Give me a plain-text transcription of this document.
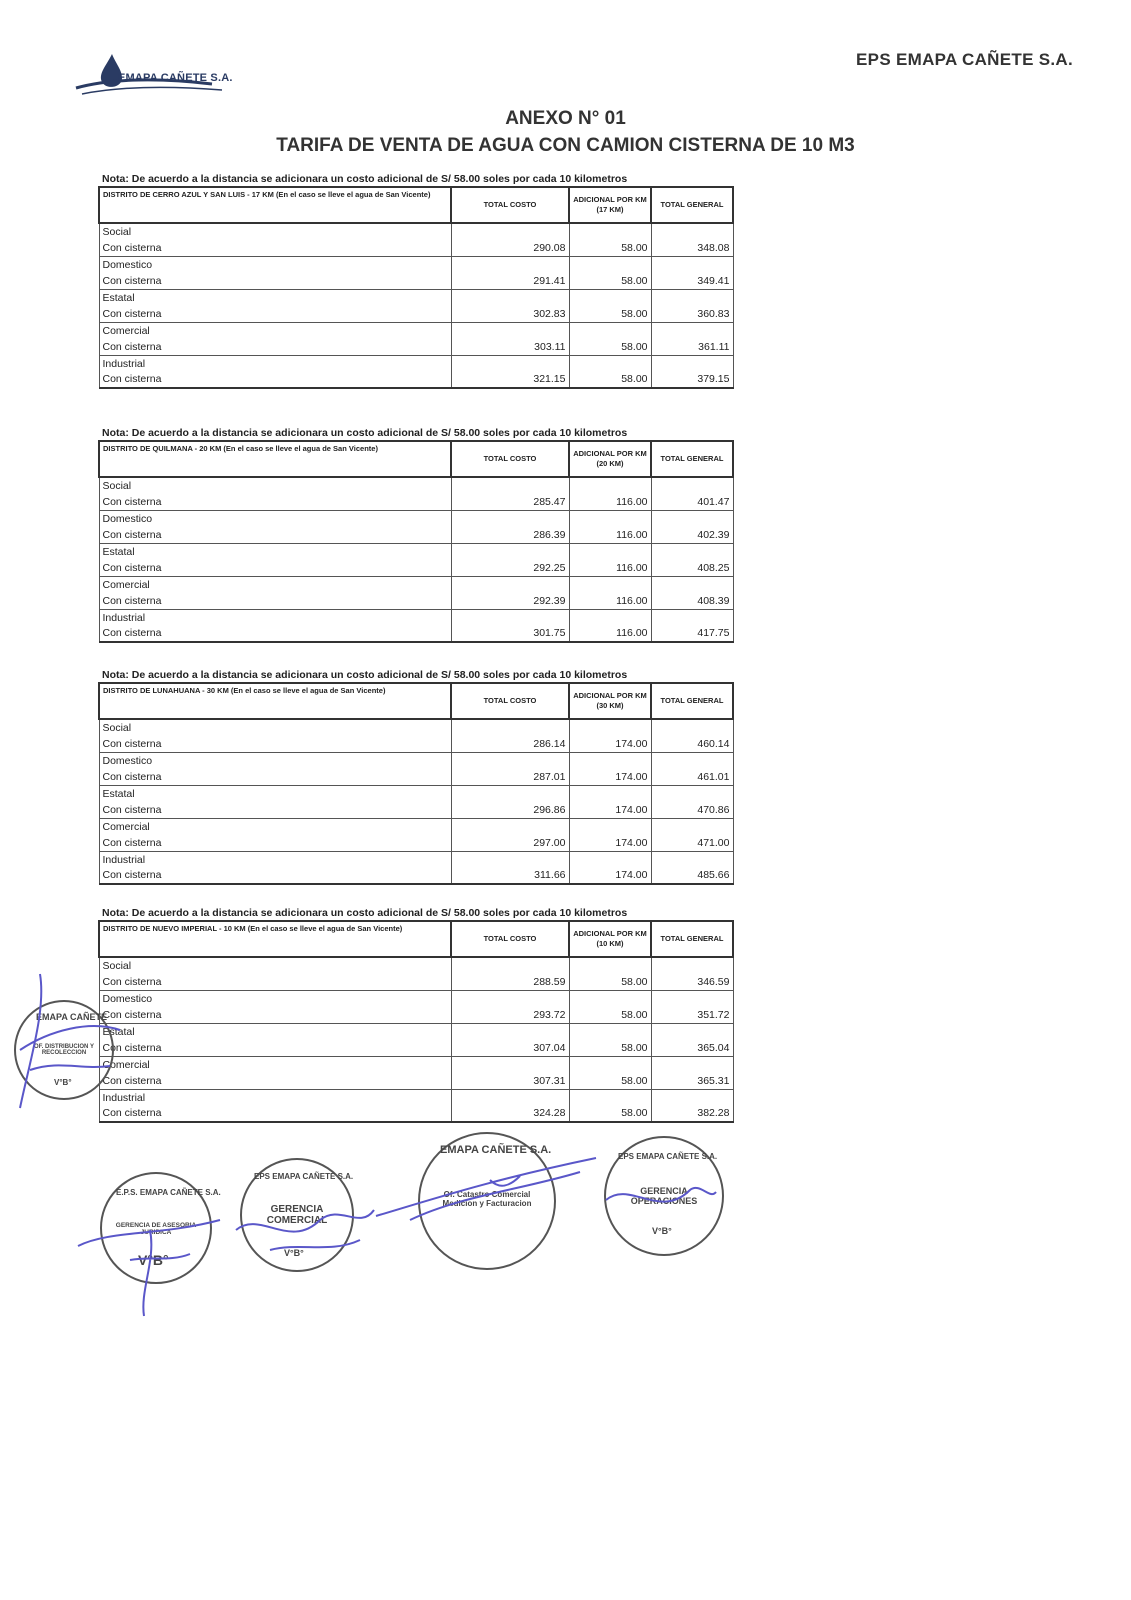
EMAPA CAÑETE S.A.
EPS EMAPA CAÑETE S.A.
ANEXO N° 01
TARIFA DE VENTA DE AGUA CON CAMION CISTERNA DE 10 M3
Nota: De acuerdo a la distancia se adicionara un costo adicional de S/ 58.00 soles por cada 10 kilometros
DISTRITO DE CERRO AZUL Y SAN LUIS - 17 KM (En el caso se lleve el agua de San Vicente)	TOTAL COSTO	ADICIONAL POR KM (17 KM)	TOTAL GENERAL
Social			
Con cisterna	290.08	58.00	348.08
Domestico			
Con cisterna	291.41	58.00	349.41
Estatal			
Con cisterna	302.83	58.00	360.83
Comercial			
Con cisterna	303.11	58.00	361.11
Industrial			
Con cisterna	321.15	58.00	379.15
Nota: De acuerdo a la distancia se adicionara un costo adicional de S/ 58.00 soles por cada 10 kilometros
DISTRITO DE QUILMANA - 20 KM (En el caso se lleve el agua de San Vicente)	TOTAL COSTO	ADICIONAL POR KM (20 KM)	TOTAL GENERAL
Social			
Con cisterna	285.47	116.00	401.47
Domestico			
Con cisterna	286.39	116.00	402.39
Estatal			
Con cisterna	292.25	116.00	408.25
Comercial			
Con cisterna	292.39	116.00	408.39
Industrial			
Con cisterna	301.75	116.00	417.75
Nota: De acuerdo a la distancia se adicionara un costo adicional de S/ 58.00 soles por cada 10 kilometros
DISTRITO DE LUNAHUANA - 30 KM (En el caso se lleve el agua de San Vicente)	TOTAL COSTO	ADICIONAL POR KM (30 KM)	TOTAL GENERAL
Social			
Con cisterna	286.14	174.00	460.14
Domestico			
Con cisterna	287.01	174.00	461.01
Estatal			
Con cisterna	296.86	174.00	470.86
Comercial			
Con cisterna	297.00	174.00	471.00
Industrial			
Con cisterna	311.66	174.00	485.66
Nota: De acuerdo a la distancia se adicionara un costo adicional de S/ 58.00 soles por cada 10 kilometros
DISTRITO DE NUEVO IMPERIAL - 10 KM (En el caso se lleve el agua de San Vicente)	TOTAL COSTO	ADICIONAL POR KM (10 KM)	TOTAL GENERAL
Social			
Con cisterna	288.59	58.00	346.59
Domestico			
Con cisterna	293.72	58.00	351.72
Estatal			
Con cisterna	307.04	58.00	365.04
Comercial			
Con cisterna	307.31	58.00	365.31
Industrial			
Con cisterna	324.28	58.00	382.28
EMAPA CAÑETE
OF. DISTRIBUCION Y RECOLECCION
V°B°
E.P.S. EMAPA CAÑETE S.A.
GERENCIA DE ASESORIA JURIDICA
V°B°
EPS EMAPA CAÑETE S.A.
GERENCIA COMERCIAL
V°B°
EMAPA CAÑETE S.A.
Of. Catastro Comercial Medicion y Facturacion
EPS EMAPA CAÑETE S.A.
GERENCIA OPERACIONES
V°B°
